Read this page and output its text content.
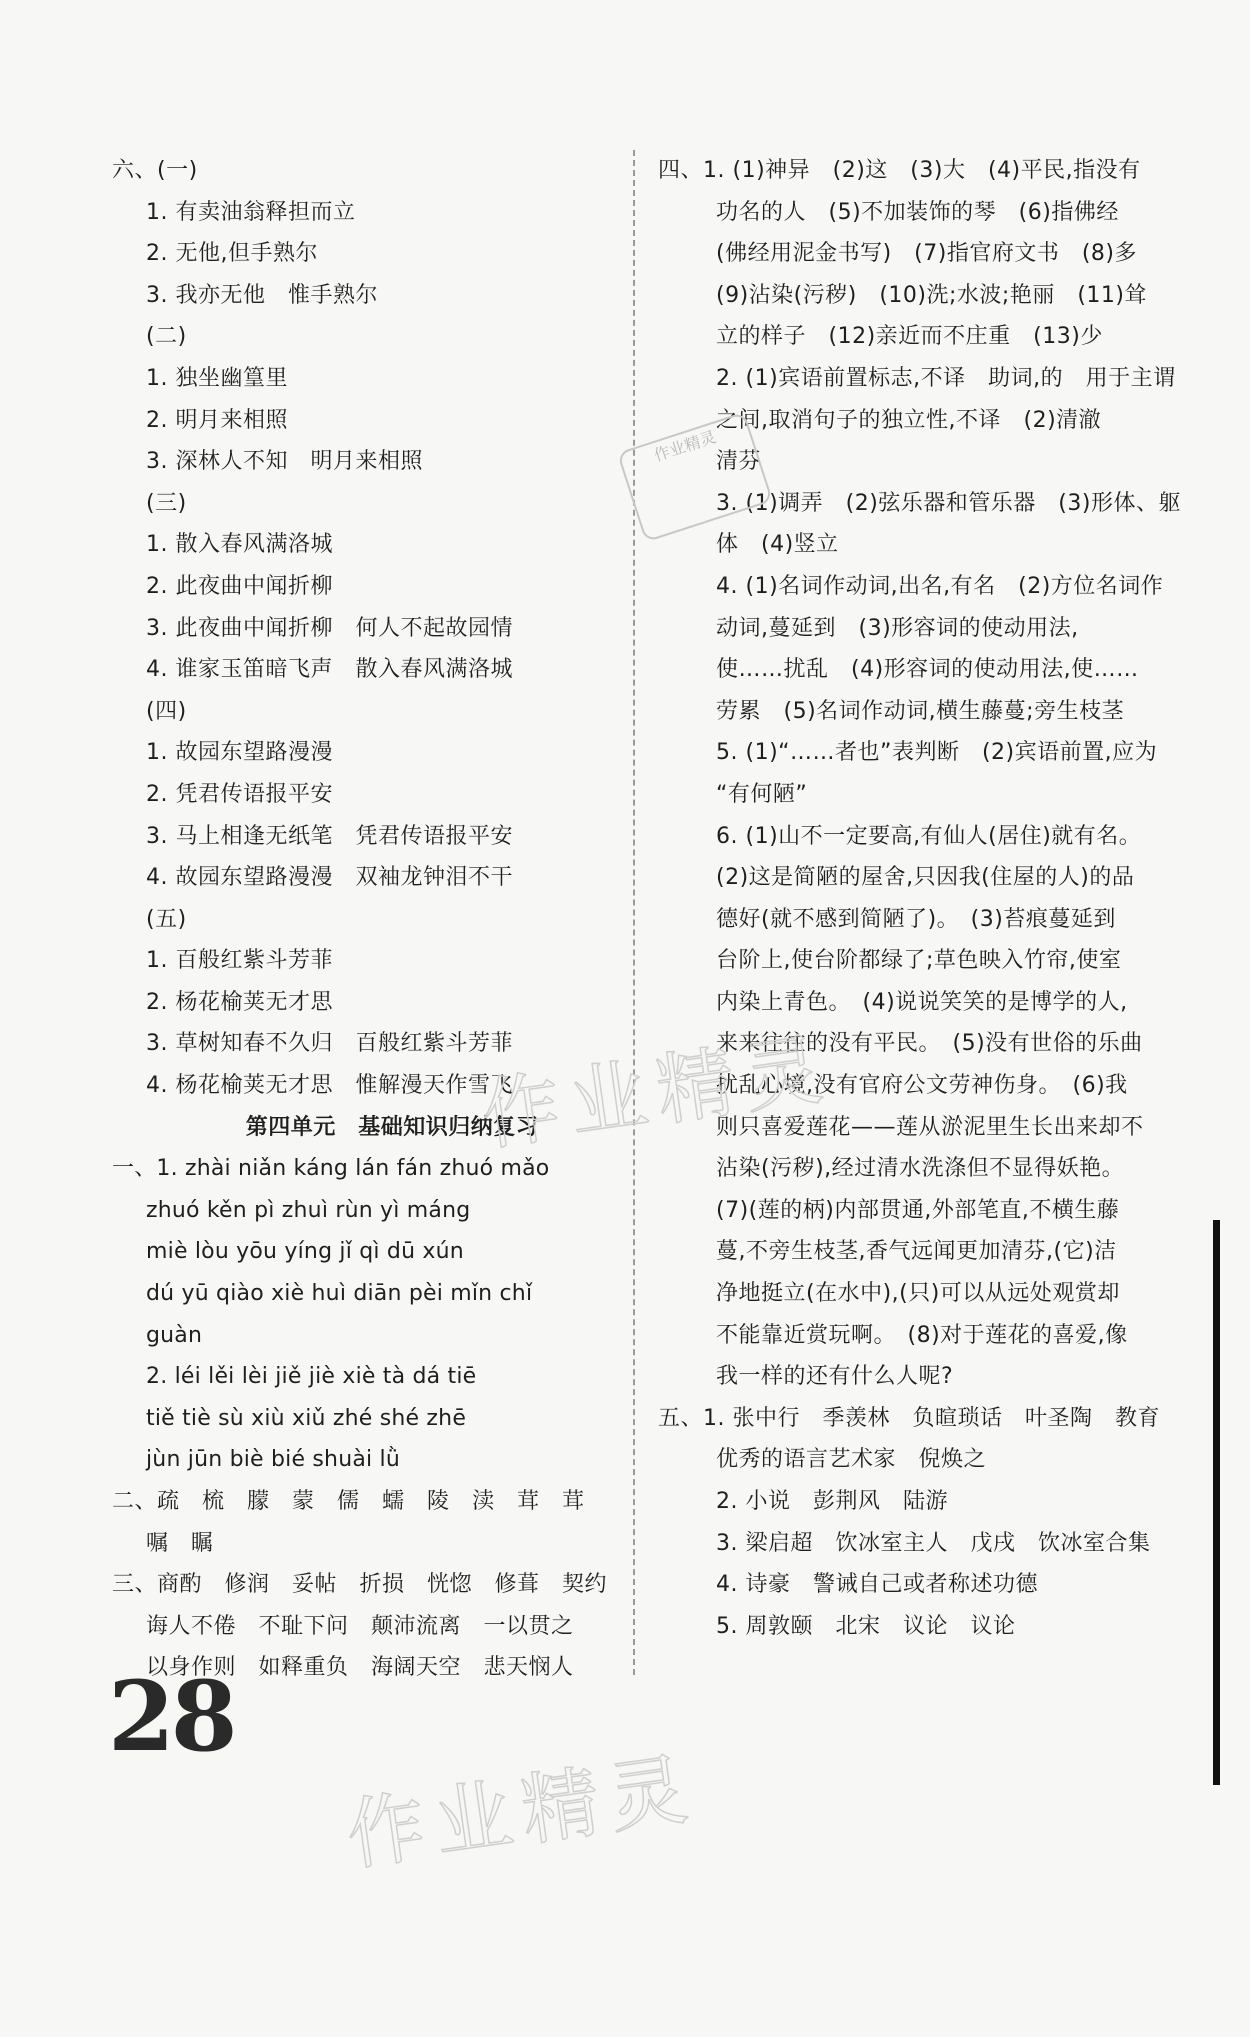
六、(一)
1. 有卖油翁释担而立
2. 无他,但手熟尔
3. 我亦无他　惟手熟尔
(二)
1. 独坐幽篁里
2. 明月来相照
3. 深林人不知　明月来相照
(三)
1. 散入春风满洛城
2. 此夜曲中闻折柳
3. 此夜曲中闻折柳　何人不起故园情
4. 谁家玉笛暗飞声　散入春风满洛城
(四)
1. 故园东望路漫漫
2. 凭君传语报平安
3. 马上相逢无纸笔　凭君传语报平安
4. 故园东望路漫漫　双袖龙钟泪不干
(五)
1. 百般红紫斗芳菲
2. 杨花榆荚无才思
3. 草树知春不久归　百般红紫斗芳菲
4. 杨花榆荚无才思　惟解漫天作雪飞
第四单元　基础知识归纳复习
一、1. zhài niǎn káng lán fán zhuó mǎo
zhuó kěn pì zhuì rùn yì máng
miè lòu yōu yíng jǐ qì dū xún
dú yū qiào xiè huì diān pèi mǐn chǐ
guàn
2. léi lěi lèi jiě jiè xiè tà dá tiē
tiě tiè sù xiù xiǔ zhé shé zhē
jùn jūn biè bié shuài lǜ
二、疏　梳　朦　蒙　儒　蠕　陵　渎　茸　茸
嘱　瞩
三、商酌　修润　妥帖　折损　恍惚　修葺　契约
诲人不倦　不耻下问　颠沛流离　一以贯之
以身作则　如释重负　海阔天空　悲天悯人
四、1. (1)神异　(2)这　(3)大　(4)平民,指没有
功名的人　(5)不加装饰的琴　(6)指佛经
(佛经用泥金书写)　(7)指官府文书　(8)多
(9)沾染(污秽)　(10)洗;水波;艳丽　(11)耸
立的样子　(12)亲近而不庄重　(13)少
2. (1)宾语前置标志,不译　助词,的　用于主谓
之间,取消句子的独立性,不译　(2)清澈
清芬
3. (1)调弄　(2)弦乐器和管乐器　(3)形体、躯
体　(4)竖立
4. (1)名词作动词,出名,有名　(2)方位名词作
动词,蔓延到　(3)形容词的使动用法,
使……扰乱　(4)形容词的使动用法,使……
劳累　(5)名词作动词,横生藤蔓;旁生枝茎
5. (1)“……者也”表判断　(2)宾语前置,应为
“有何陋”
6. (1)山不一定要高,有仙人(居住)就有名。
(2)这是简陋的屋舍,只因我(住屋的人)的品
德好(就不感到简陋了)。　(3)苔痕蔓延到
台阶上,使台阶都绿了;草色映入竹帘,使室
内染上青色。　(4)说说笑笑的是博学的人,
来来往往的没有平民。　(5)没有世俗的乐曲
扰乱心境,没有官府公文劳神伤身。　(6)我
则只喜爱莲花——莲从淤泥里生长出来却不
沾染(污秽),经过清水洗涤但不显得妖艳。
(7)(莲的柄)内部贯通,外部笔直,不横生藤
蔓,不旁生枝茎,香气远闻更加清芬,(它)洁
净地挺立(在水中),(只)可以从远处观赏却
不能靠近赏玩啊。　(8)对于莲花的喜爱,像
我一样的还有什么人呢?
五、1. 张中行　季羡林　负暄琐话　叶圣陶　教育
优秀的语言艺术家　倪焕之
2. 小说　彭荆风　陆游
3. 梁启超　饮冰室主人　戊戌　饮冰室合集
4. 诗豪　警诫自己或者称述功德
5. 周敦颐　北宋　议论　议论
28
作业精灵
作业精灵
作业精灵
